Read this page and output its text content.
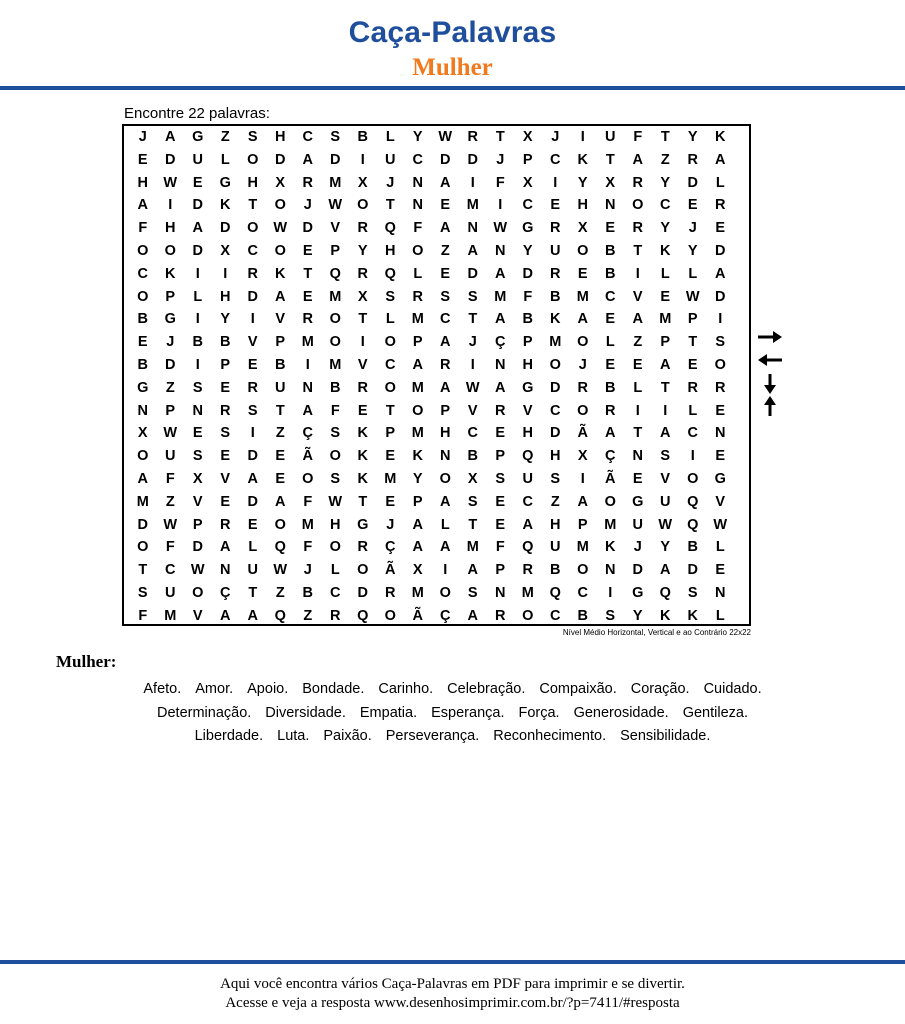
Caça-Palavras
Mulher
Encontre 22 palavras:
J	A	G	Z	S	H	C	S	B	L	Y	W	R	T	X	J	I	U	F	T	Y	K
E	D	U	L	O	D	A	D	I	U	C	D	D	J	P	C	K	T	A	Z	R	A
H	W	E	G	H	X	R	M	X	J	N	A	I	F	X	I	Y	X	R	Y	D	L
A	I	D	K	T	O	J	W	O	T	N	E	M	I	C	E	H	N	O	C	E	R
F	H	A	D	O	W	D	V	R	Q	F	A	N	W	G	R	X	E	R	Y	J	E
O	O	D	X	C	O	E	P	Y	H	O	Z	A	N	Y	U	O	B	T	K	Y	D
C	K	I	I	R	K	T	Q	R	Q	L	E	D	A	D	R	E	B	I	L	L	A
O	P	L	H	D	A	E	M	X	S	R	S	S	M	F	B	M	C	V	E	W	D
B	G	I	Y	I	V	R	O	T	L	M	C	T	A	B	K	A	E	A	M	P	I
E	J	B	B	V	P	M	O	I	O	P	A	J	Ç	P	M	O	L	Z	P	T	S
B	D	I	P	E	B	I	M	V	C	A	R	I	N	H	O	J	E	E	A	E	O
G	Z	S	E	R	U	N	B	R	O	M	A	W	A	G	D	R	B	L	T	R	R
N	P	N	R	S	T	A	F	E	T	O	P	V	R	V	C	O	R	I	I	L	E
X	W	E	S	I	Z	Ç	S	K	P	M	H	C	E	H	D	Ã	A	T	A	C	N
O	U	S	E	D	E	Ã	O	K	E	K	N	B	P	Q	H	X	Ç	N	S	I	E
A	F	X	V	A	E	O	S	K	M	Y	O	X	S	U	S	I	Ã	E	V	O	G
M	Z	V	E	D	A	F	W	T	E	P	A	S	E	C	Z	A	O	G	U	Q	V
D	W	P	R	E	O	M	H	G	J	A	L	T	E	A	H	P	M	U	W	Q	W
O	F	D	A	L	Q	F	O	R	Ç	A	A	M	F	Q	U	M	K	J	Y	B	L
T	C	W	N	U	W	J	L	O	Ã	X	I	A	P	R	B	O	N	D	A	D	E
S	U	O	Ç	T	Z	B	C	D	R	M	O	S	N	M	Q	C	I	G	Q	S	N
F	M	V	A	A	Q	Z	R	Q	O	Ã	Ç	A	R	O	C	B	S	Y	K	K	L
Nível Médio Horizontal, Vertical e ao Contrário 22x22
Mulher:
Afeto. Amor. Apoio. Bondade. Carinho. Celebração. Compaixão. Coração. Cuidado.
Determinação. Diversidade. Empatia. Esperança. Força. Generosidade. Gentileza.
Liberdade. Luta. Paixão. Perseverança. Reconhecimento. Sensibilidade.
Aqui você encontra vários Caça-Palavras em PDF para imprimir e se divertir.
Acesse e veja a resposta www.desenhosimprimir.com.br/?p=7411/#resposta
